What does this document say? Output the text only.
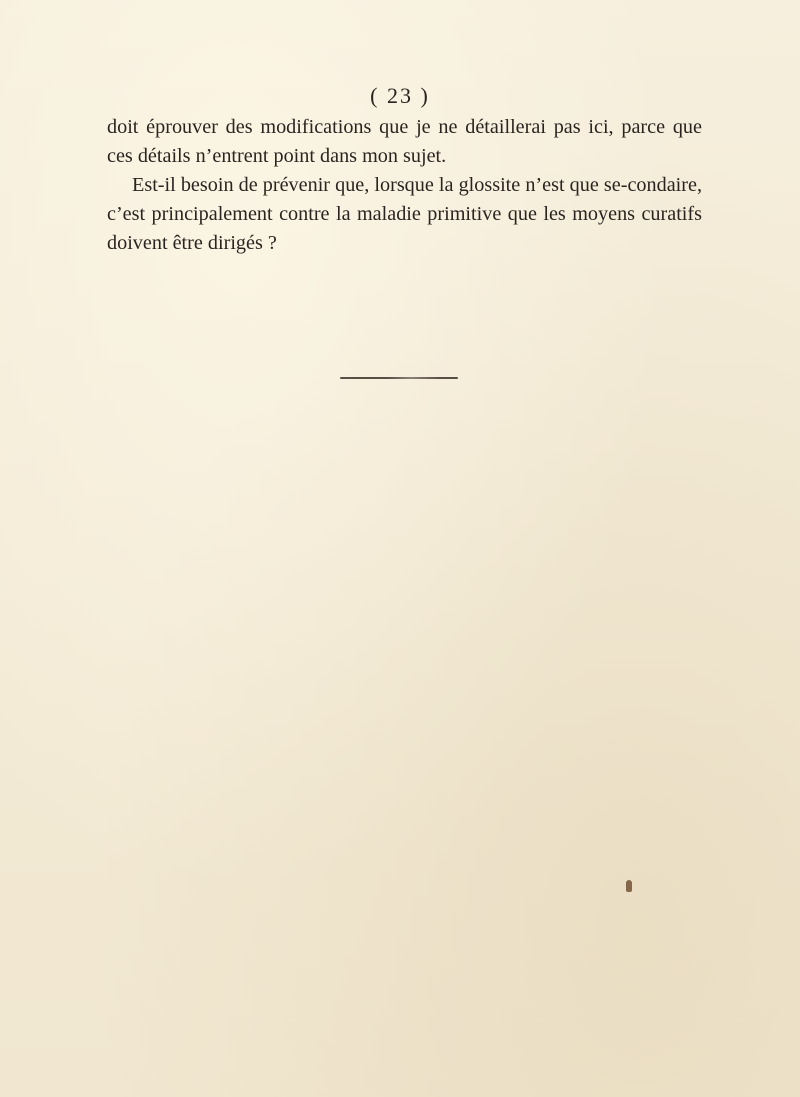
( 23 )

doit éprouver des modifications que je ne détaillerai pas ici, parce que ces détails n’entrent point dans mon sujet.

Est-il besoin de prévenir que, lorsque la glossite n’est que se-condaire, c’est principalement contre la maladie primitive que les moyens curatifs doivent être dirigés ?
